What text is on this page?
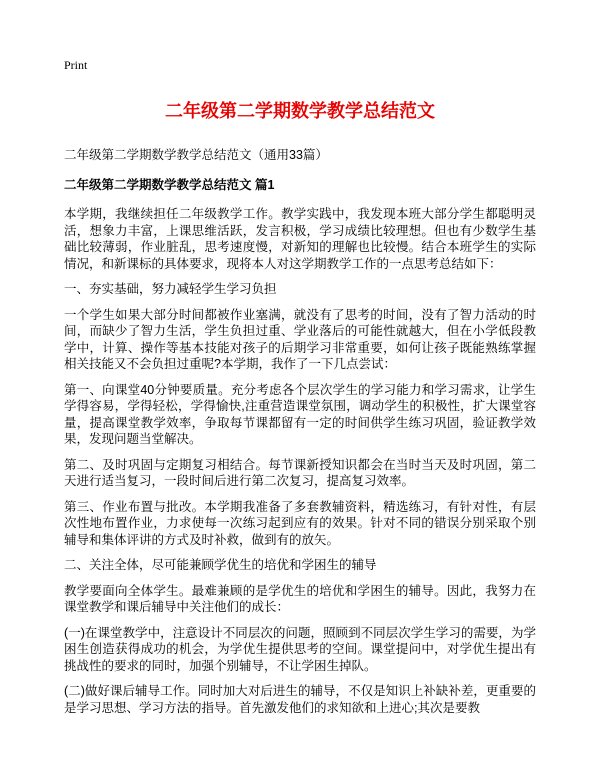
Print
二年级第二学期数学教学总结范文
二年级第二学期数学教学总结范文（通用33篇）
二年级第二学期数学教学总结范文 篇1

本学期，我继续担任二年级教学工作。教学实践中，我发现本班大部分学生都聪明灵活，想象力丰富，上课思维活跃，发言积极，学习成绩比较理想。但也有少数学生基础比较薄弱，作业脏乱，思考速度慢，对新知的理解也比较慢。结合本班学生的实际情况，和新课标的具体要求，现将本人对这学期教学工作的一点思考总结如下：

一、夯实基础，努力减轻学生学习负担

一个学生如果大部分时间都被作业塞满，就没有了思考的时间，没有了智力活动的时间，而缺少了智力生活，学生负担过重、学业落后的可能性就越大，但在小学低段教学中，计算、操作等基本技能对孩子的后期学习非常重要，如何让孩子既能熟练掌握相关技能又不会负担过重呢?本学期，我作了一下几点尝试：

第一、向课堂40分钟要质量。充分考虑各个层次学生的学习能力和学习需求，让学生学得容易，学得轻松，学得愉快,注重营造课堂氛围，调动学生的积极性，扩大课堂容量，提高课堂教学效率，争取每节课都留有一定的时间供学生练习巩固，验证教学效果，发现问题当堂解决。

第二、及时巩固与定期复习相结合。每节课新授知识都会在当时当天及时巩固，第二天进行适当复习，一段时间后进行第二次复习，提高复习效率。

第三、作业布置与批改。本学期我准备了多套教辅资料，精选练习，有针对性，有层次性地布置作业，力求使每一次练习起到应有的效果。针对不同的错误分别采取个别辅导和集体评讲的方式及时补救，做到有的放矢。

二、关注全体，尽可能兼顾学优生的培优和学困生的辅导

教学要面向全体学生。最难兼顾的是学优生的培优和学困生的辅导。因此，我努力在课堂教学和课后辅导中关注他们的成长：

(一)在课堂教学中，注意设计不同层次的问题，照顾到不同层次学生学习的需要，为学困生创造获得成功的机会，为学优生提供思考的空间。课堂提问中，对学优生提出有挑战性的要求的同时，加强个别辅导，不让学困生掉队。

(二)做好课后辅导工作。同时加大对后进生的辅导，不仅是知识上补缺补差，更重要的是学习思想、学习方法的指导。首先激发他们的求知欲和上进心;其次是要教
